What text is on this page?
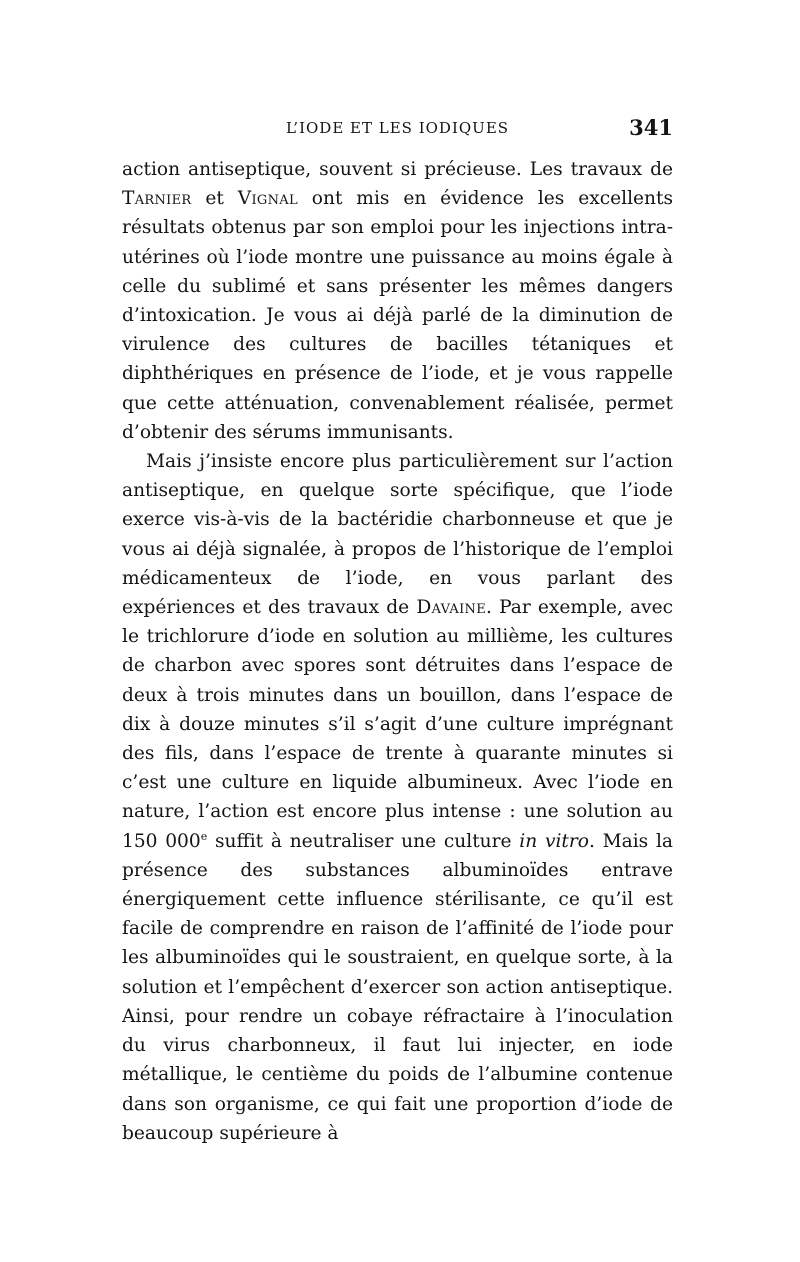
L’IODE ET LES IODIQUES	341

action antiseptique, souvent si précieuse. Les travaux de Tarnier et Vignal ont mis en évidence les excellents résultats obtenus par son emploi pour les injections intra-utérines où l’iode montre une puissance au moins égale à celle du sublimé et sans présenter les mêmes dangers d’intoxication. Je vous ai déjà parlé de la diminution de virulence des cultures de bacilles tétaniques et diphthériques en présence de l’iode, et je vous rappelle que cette atténuation, convenablement réalisée, permet d’obtenir des sérums immunisants.

Mais j’insiste encore plus particulièrement sur l’action antiseptique, en quelque sorte spécifique, que l’iode exerce vis-à-vis de la bactéridie charbonneuse et que je vous ai déjà signalée, à propos de l’historique de l’emploi médicamenteux de l’iode, en vous parlant des expériences et des travaux de Davaine. Par exemple, avec le trichlorure d’iode en solution au millième, les cultures de charbon avec spores sont détruites dans l’espace de deux à trois minutes dans un bouillon, dans l’espace de dix à douze minutes s’il s’agit d’une culture imprégnant des fils, dans l’espace de trente à quarante minutes si c’est une culture en liquide albumineux. Avec l’iode en nature, l’action est encore plus intense : une solution au 150 000e suffit à neutraliser une culture in vitro. Mais la présence des substances albuminoïdes entrave énergiquement cette influence stérilisante, ce qu’il est facile de comprendre en raison de l’affinité de l’iode pour les albuminoïdes qui le soustraient, en quelque sorte, à la solution et l’empêchent d’exercer son action antiseptique. Ainsi, pour rendre un cobaye réfractaire à l’inoculation du virus charbonneux, il faut lui injecter, en iode métallique, le centième du poids de l’albumine contenue dans son organisme, ce qui fait une proportion d’iode de beaucoup supérieure à
